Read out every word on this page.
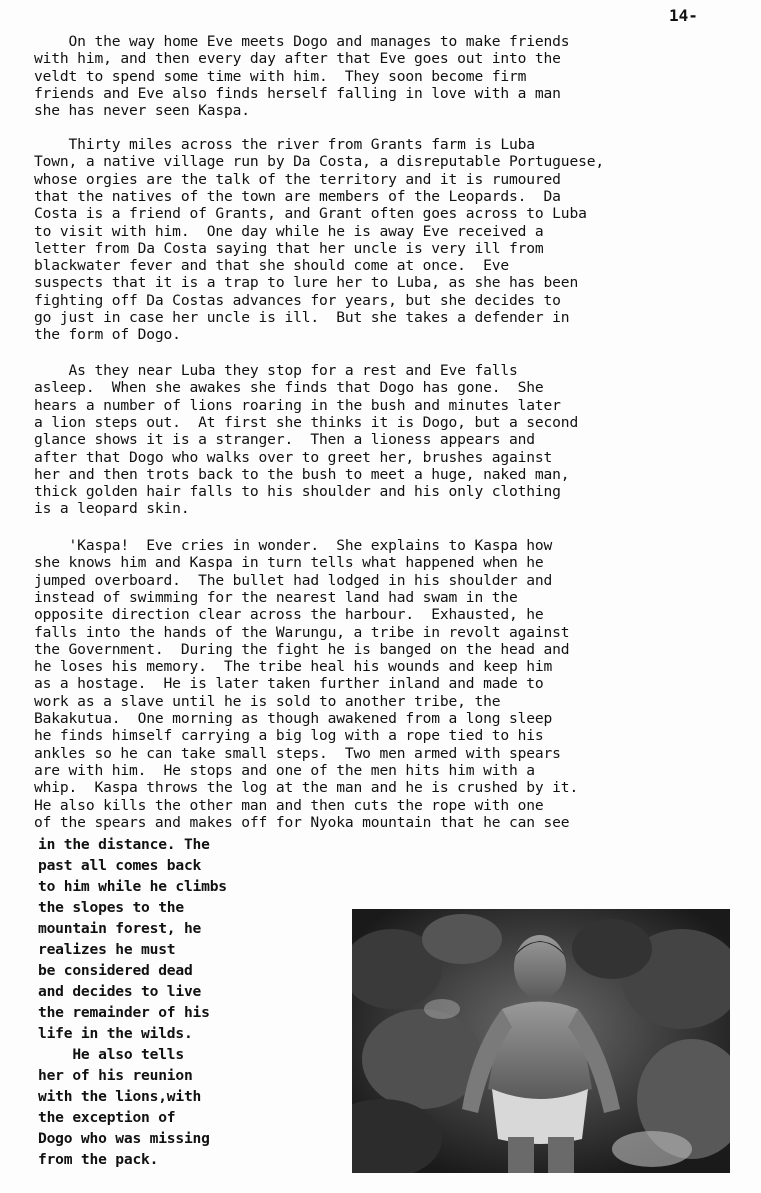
14-
On the way home Eve meets Dogo and manages to make friends
with him, and then every day after that Eve goes out into the
veldt to spend some time with him.  They soon become firm
friends and Eve also finds herself falling in love with a man
she has never seen Kaspa.
Thirty miles across the river from Grants farm is Luba
Town, a native village run by Da Costa, a disreputable Portuguese,
whose orgies are the talk of the territory and it is rumoured
that the natives of the town are members of the Leopards.  Da
Costa is a friend of Grants, and Grant often goes across to Luba
to visit with him.  One day while he is away Eve received a
letter from Da Costa saying that her uncle is very ill from
blackwater fever and that she should come at once.  Eve
suspects that it is a trap to lure her to Luba, as she has been
fighting off Da Costas advances for years, but she decides to
go just in case her uncle is ill.  But she takes a defender in
the form of Dogo.
As they near Luba they stop for a rest and Eve falls
asleep.  When she awakes she finds that Dogo has gone.  She
hears a number of lions roaring in the bush and minutes later
a lion steps out.  At first she thinks it is Dogo, but a second
glance shows it is a stranger.  Then a lioness appears and
after that Dogo who walks over to greet her, brushes against
her and then trots back to the bush to meet a huge, naked man,
thick golden hair falls to his shoulder and his only clothing
is a leopard skin.
'Kaspa!  Eve cries in wonder.  She explains to Kaspa how
she knows him and Kaspa in turn tells what happened when he
jumped overboard.  The bullet had lodged in his shoulder and
instead of swimming for the nearest land had swam in the
opposite direction clear across the harbour.  Exhausted, he
falls into the hands of the Warungu, a tribe in revolt against
the Government.  During the fight he is banged on the head and
he loses his memory.  The tribe heal his wounds and keep him
as a hostage.  He is later taken further inland and made to
work as a slave until he is sold to another tribe, the
Bakakutua.  One morning as though awakened from a long sleep
he finds himself carrying a big log with a rope tied to his
ankles so he can take small steps.  Two men armed with spears
are with him.  He stops and one of the men hits him with a
whip.  Kaspa throws the log at the man and he is crushed by it.
He also kills the other man and then cuts the rope with one
of the spears and makes off for Nyoka mountain that he can see
in the distance. The
past all comes back
to him while he climbs
the slopes to the
mountain forest, he
realizes he must
be considered dead
and decides to live
the remainder of his
life in the wilds.
He also tells
her of his reunion
with the lions,with
the exception of
Dogo who was missing
from the pack.
